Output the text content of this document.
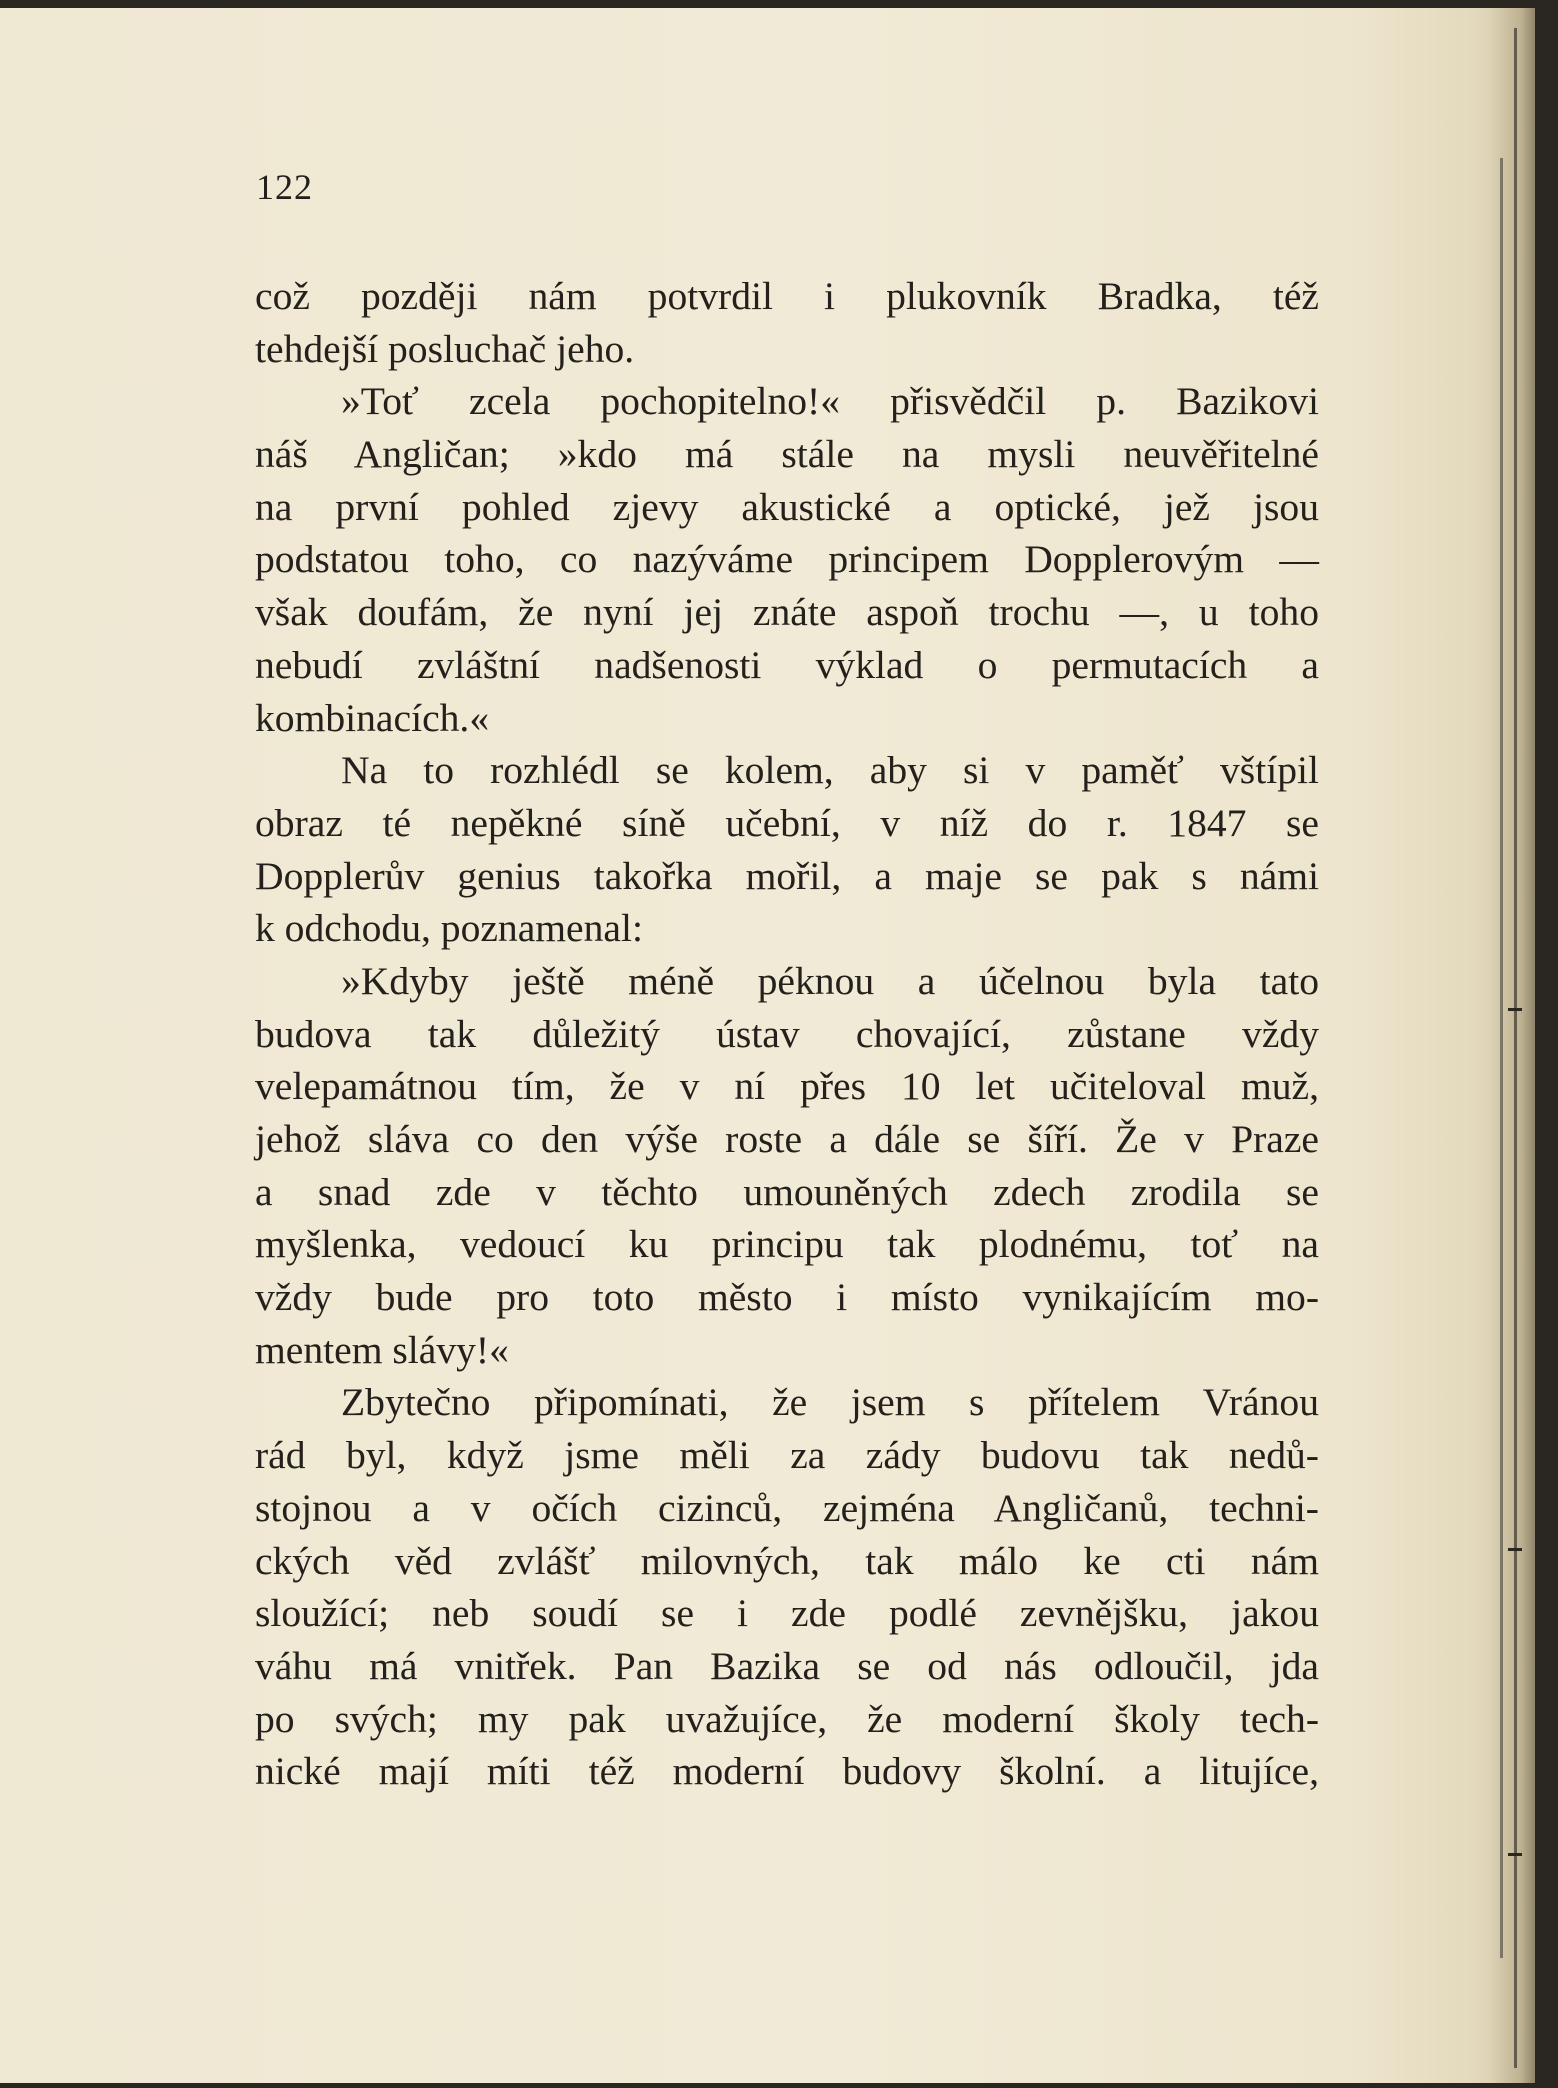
122
což později nám potvrdil i plukovník Bradka, též
tehdejší posluchač jeho.
»Toť zcela pochopitelno!« přisvědčil p. Bazikovi
náš Angličan; »kdo má stále na mysli neuvěřitelné
na první pohled zjevy akustické a optické, jež jsou
podstatou toho, co nazýváme principem Dopplerovým —
však doufám, že nyní jej znáte aspoň trochu —, u toho
nebudí zvláštní nadšenosti výklad o permutacích a
kombinacích.«
Na to rozhlédl se kolem, aby si v paměť vštípil
obraz té nepěkné síně učební, v níž do r. 1847 se
Dopplerův genius takořka mořil, a maje se pak s námi
k odchodu, poznamenal:
»Kdyby ještě méně péknou a účelnou byla tato
budova tak důležitý ústav chovající, zůstane vždy
velepamátnou tím, že v ní přes 10 let učiteloval muž,
jehož sláva co den výše roste a dále se šíří. Že v Praze
a snad zde v těchto umouněných zdech zrodila se
myšlenka, vedoucí ku principu tak plodnému, toť na
vždy bude pro toto město i místo vynikajícím mo-
mentem slávy!«
Zbytečno připomínati, že jsem s přítelem Vránou
rád byl, když jsme měli za zády budovu tak nedů-
stojnou a v očích cizinců, zejména Angličanů, techni-
ckých věd zvlášť milovných, tak málo ke cti nám
sloužící; neb soudí se i zde podlé zevnějšku, jakou
váhu má vnitřek. Pan Bazika se od nás odloučil, jda
po svých; my pak uvažujíce, že moderní školy tech-
nické mají míti též moderní budovy školní. a litujíce,
